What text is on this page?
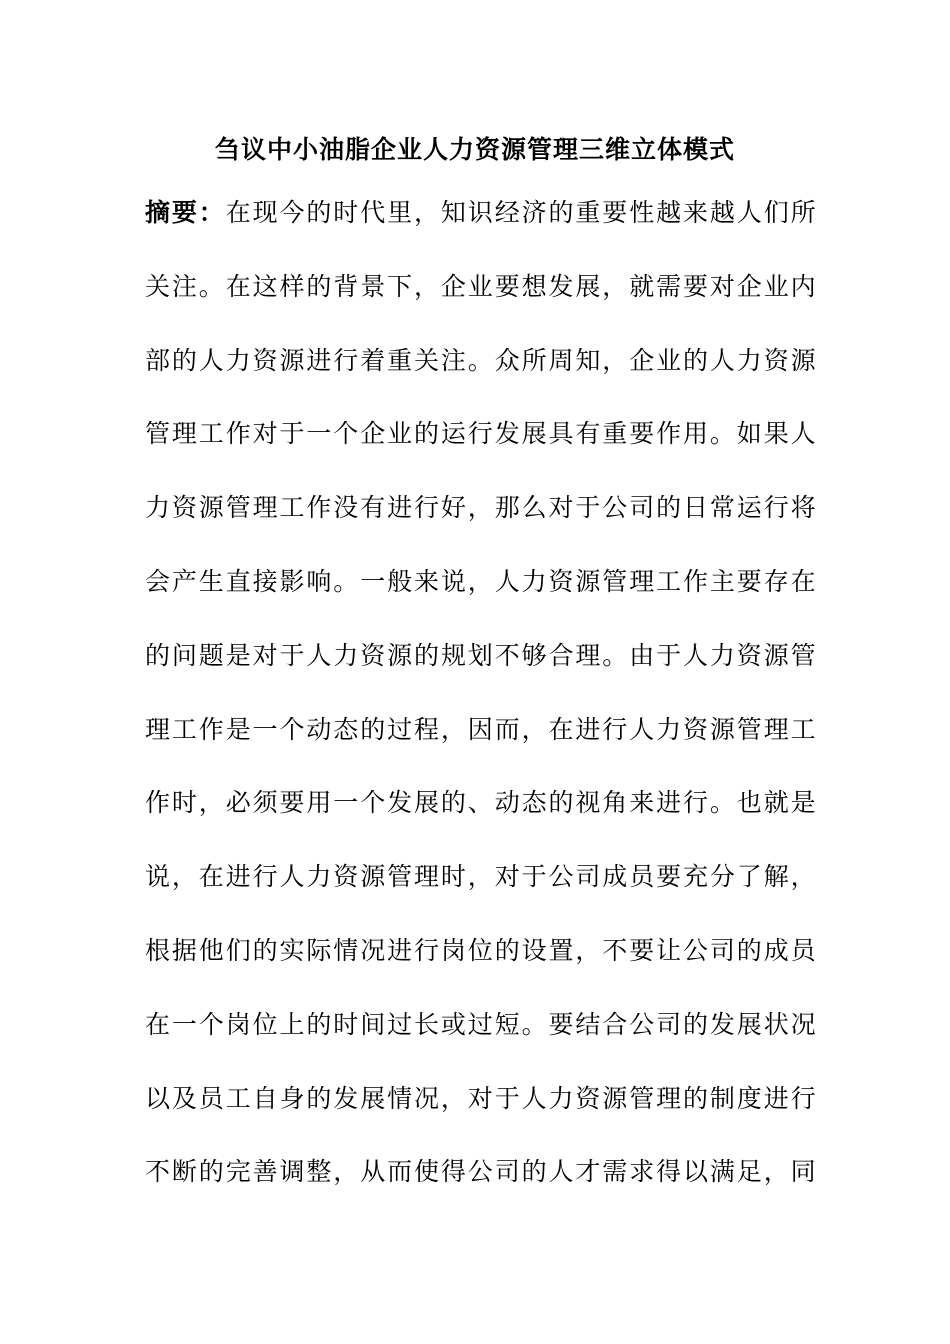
刍议中小油脂企业人力资源管理三维立体模式
摘要：在现今的时代里，知识经济的重要性越来越人们所
关注。在这样的背景下，企业要想发展，就需要对企业内
部的人力资源进行着重关注。众所周知，企业的人力资源
管理工作对于一个企业的运行发展具有重要作用。如果人
力资源管理工作没有进行好，那么对于公司的日常运行将
会产生直接影响。一般来说，人力资源管理工作主要存在
的问题是对于人力资源的规划不够合理。由于人力资源管
理工作是一个动态的过程，因而，在进行人力资源管理工
作时，必须要用一个发展的、动态的视角来进行。也就是
说，在进行人力资源管理时，对于公司成员要充分了解，
根据他们的实际情况进行岗位的设置，不要让公司的成员
在一个岗位上的时间过长或过短。要结合公司的发展状况
以及员工自身的发展情况，对于人力资源管理的制度进行
不断的完善调整，从而使得公司的人才需求得以满足，同
